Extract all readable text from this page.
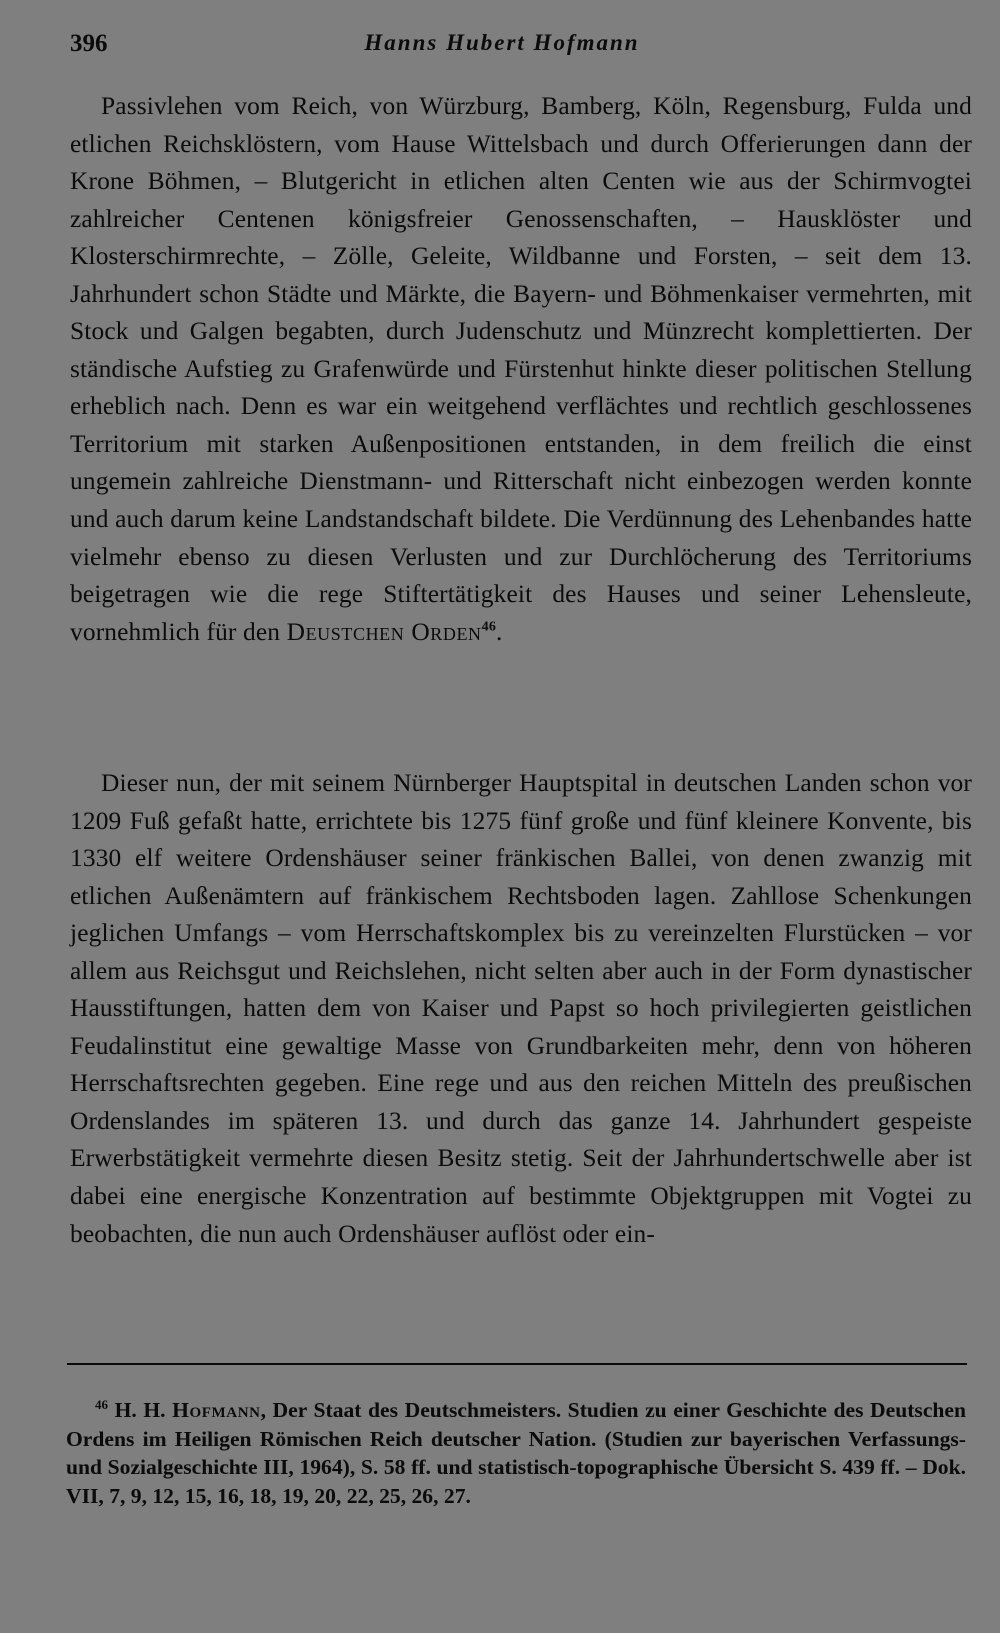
396	Hanns Hubert Hofmann

Passivlehen vom Reich, von Würzburg, Bamberg, Köln, Regensburg, Fulda und etlichen Reichsklöstern, vom Hause Wittelsbach und durch Offerierungen dann der Krone Böhmen, – Blutgericht in etlichen alten Centen wie aus der Schirmvogtei zahlreicher Centenen königsfreier Genossenschaften, – Hausklöster und Klosterschirmrechte, – Zölle, Geleite, Wildbanne und Forsten, – seit dem 13. Jahrhundert schon Städte und Märkte, die Bayern- und Böhmenkaiser vermehrten, mit Stock und Galgen begabten, durch Judenschutz und Münzrecht komplettierten. Der ständische Aufstieg zu Grafenwürde und Fürstenhut hinkte dieser politischen Stellung erheblich nach. Denn es war ein weitgehend verflächtes und rechtlich geschlossenes Territorium mit starken Außenpositionen entstanden, in dem freilich die einst ungemein zahlreiche Dienstmann- und Ritterschaft nicht einbezogen werden konnte und auch darum keine Landstandschaft bildete. Die Verdünnung des Lehenbandes hatte vielmehr ebenso zu diesen Verlusten und zur Durchlöcherung des Territoriums beigetragen wie die rege Stiftertätigkeit des Hauses und seiner Lehensleute, vornehmlich für den Deustchen Orden$^{46}$.

Dieser nun, der mit seinem Nürnberger Hauptspital in deutschen Landen schon vor 1209 Fuß gefaßt hatte, errichtete bis 1275 fünf große und fünf kleinere Konvente, bis 1330 elf weitere Ordenshäuser seiner fränkischen Ballei, von denen zwanzig mit etlichen Außenämtern auf fränkischem Rechtsboden lagen. Zahllose Schenkungen jeglichen Umfangs – vom Herrschaftskomplex bis zu vereinzelten Flurstücken – vor allem aus Reichsgut und Reichslehen, nicht selten aber auch in der Form dynastischer Hausstiftungen, hatten dem von Kaiser und Papst so hoch privilegierten geistlichen Feudalinstitut eine gewaltige Masse von Grundbarkeiten mehr, denn von höheren Herrschaftsrechten gegeben. Eine rege und aus den reichen Mitteln des preußischen Ordenslandes im späteren 13. und durch das ganze 14. Jahrhundert gespeiste Erwerbstätigkeit vermehrte diesen Besitz stetig. Seit der Jahrhundertschwelle aber ist dabei eine energische Konzentration auf bestimmte Objektgruppen mit Vogtei zu beobachten, die nun auch Ordenshäuser auflöst oder ein-

$^{46}$ H. H. Hofmann, Der Staat des Deutschmeisters. Studien zu einer Geschichte des Deutschen Ordens im Heiligen Römischen Reich deutscher Nation. (Studien zur bayerischen Verfassungs- und Sozialgeschichte III, 1964), S. 58 ff. und statistisch-topographische Übersicht S. 439 ff. – Dok. VII, 7, 9, 12, 15, 16, 18, 19, 20, 22, 25, 26, 27.
